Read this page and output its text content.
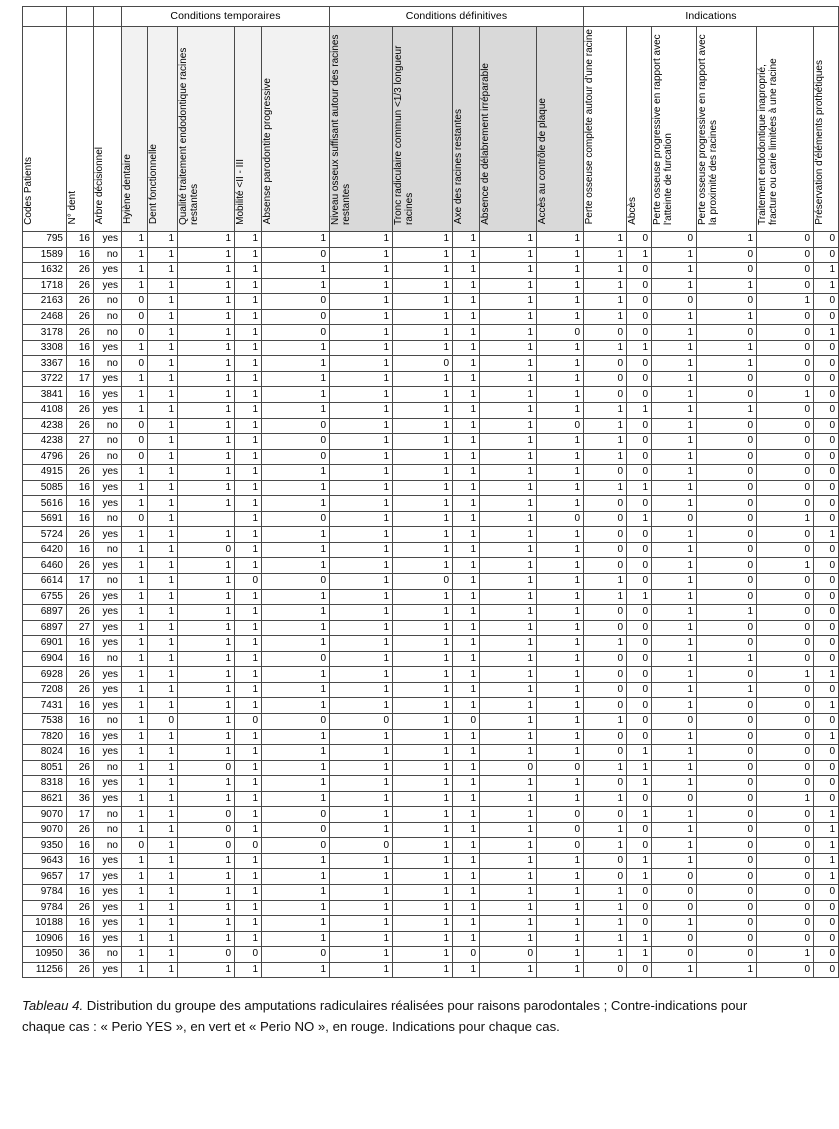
			Conditions temporaires					Conditions définitives					Indications					
Codes Patients	N° dent	Arbre décisionnel	Hyiène dentaire	Dent fonctionnelle	Qualité traitement endodontique racines restantes	Mobilité <II - III	Absense parodontite progressive	Niveau osseux suffisant autour des racines restantes	Tronc radiculaire commun <1/3 longueur racines	Axe des racines restantes	Absence de délabrement irréparable	Accès au contrôle de plaque	Perte osseuse complete autour d'une racine	Abcès	Perte osseuse progressive en rapport avec l'atteinte de furcation	Perte osseuse progressive en rapport avec la proximité des racines	Traitement endodontique inaproprié, fracture ou carie limitées à une racine	Préservation d'éléments prothétiques
795	16	yes	1	1	1	1	1	1	1	1	1	1	1	0	0	1	0	0
1589	16	no	1	1	1	1	0	1	1	1	1	1	1	1	1	0	0	0
1632	26	yes	1	1	1	1	1	1	1	1	1	1	1	0	1	0	0	1
1718	26	yes	1	1	1	1	1	1	1	1	1	1	1	0	1	1	0	1
2163	26	no	0	1	1	1	0	1	1	1	1	1	1	0	0	0	1	0
2468	26	no	0	1	1	1	0	1	1	1	1	1	1	0	1	1	0	0
3178	26	no	0	1	1	1	0	1	1	1	1	0	0	0	1	0	0	1
3308	16	yes	1	1	1	1	1	1	1	1	1	1	1	1	1	1	0	0
3367	16	no	0	1	1	1	1	1	0	1	1	1	0	0	1	1	0	0
3722	17	yes	1	1	1	1	1	1	1	1	1	1	0	0	1	0	0	0
3841	16	yes	1	1	1	1	1	1	1	1	1	1	0	0	1	0	1	0
4108	26	yes	1	1	1	1	1	1	1	1	1	1	1	1	1	1	0	0
4238	26	no	0	1	1	1	0	1	1	1	1	0	1	0	1	0	0	0
4238	27	no	0	1	1	1	0	1	1	1	1	1	1	0	1	0	0	0
4796	26	no	0	1	1	1	0	1	1	1	1	1	1	0	1	0	0	0
4915	26	yes	1	1	1	1	1	1	1	1	1	1	0	0	1	0	0	0
5085	16	yes	1	1	1	1	1	1	1	1	1	1	1	1	1	0	0	0
5616	16	yes	1	1	1	1	1	1	1	1	1	1	0	0	1	0	0	0
5691	16	no	0	1		1	0	1	1	1	1	0	0	1	0	0	1	0
5724	26	yes	1	1	1	1	1	1	1	1	1	1	0	0	1	0	0	1
6420	16	no	1	1	0	1	1	1	1	1	1	1	0	0	1	0	0	0
6460	26	yes	1	1	1	1	1	1	1	1	1	1	0	0	1	0	1	0
6614	17	no	1	1	1	0	0	1	0	1	1	1	1	0	1	0	0	0
6755	26	yes	1	1	1	1	1	1	1	1	1	1	1	1	1	0	0	0
6897	26	yes	1	1	1	1	1	1	1	1	1	1	0	0	1	1	0	0
6897	27	yes	1	1	1	1	1	1	1	1	1	1	0	0	1	0	0	0
6901	16	yes	1	1	1	1	1	1	1	1	1	1	1	0	1	0	0	0
6904	16	no	1	1	1	1	0	1	1	1	1	1	0	0	1	1	0	0
6928	26	yes	1	1	1	1	1	1	1	1	1	1	0	0	1	0	1	1
7208	26	yes	1	1	1	1	1	1	1	1	1	1	0	0	1	1	0	0
7431	16	yes	1	1	1	1	1	1	1	1	1	1	0	0	1	0	0	1
7538	16	no	1	0	1	0	0	0	1	0	1	1	1	0	0	0	0	0
7820	16	yes	1	1	1	1	1	1	1	1	1	1	0	0	1	0	0	1
8024	16	yes	1	1	1	1	1	1	1	1	1	1	0	1	1	0	0	0
8051	26	no	1	1	0	1	1	1	1	1	0	0	1	1	1	0	0	0
8318	16	yes	1	1	1	1	1	1	1	1	1	1	0	1	1	0	0	0
8621	36	yes	1	1	1	1	1	1	1	1	1	1	1	0	0	0	1	0
9070	17	no	1	1	0	1	0	1	1	1	1	0	0	1	1	0	0	1
9070	26	no	1	1	0	1	0	1	1	1	1	0	1	0	1	0	0	1
9350	16	no	0	1	0	0	0	0	1	1	1	0	1	0	1	0	0	1
9643	16	yes	1	1	1	1	1	1	1	1	1	1	0	1	1	0	0	1
9657	17	yes	1	1	1	1	1	1	1	1	1	1	0	1	0	0	0	1
9784	16	yes	1	1	1	1	1	1	1	1	1	1	1	0	0	0	0	0
9784	26	yes	1	1	1	1	1	1	1	1	1	1	1	0	0	0	0	0
10188	16	yes	1	1	1	1	1	1	1	1	1	1	1	0	1	0	0	0
10906	16	yes	1	1	1	1	1	1	1	1	1	1	1	1	0	0	0	0
10950	36	no	1	1	0	0	0	1	1	0	0	1	1	1	0	0	1	0
11256	26	yes	1	1	1	1	1	1	1	1	1	1	0	0	1	1	0	0
Tableau 4. Distribution du groupe des amputations radiculaires réalisées pour raisons parodontales ; Contre-indications pour chaque cas : « Perio YES », en vert et « Perio NO », en rouge. Indications pour chaque cas.
